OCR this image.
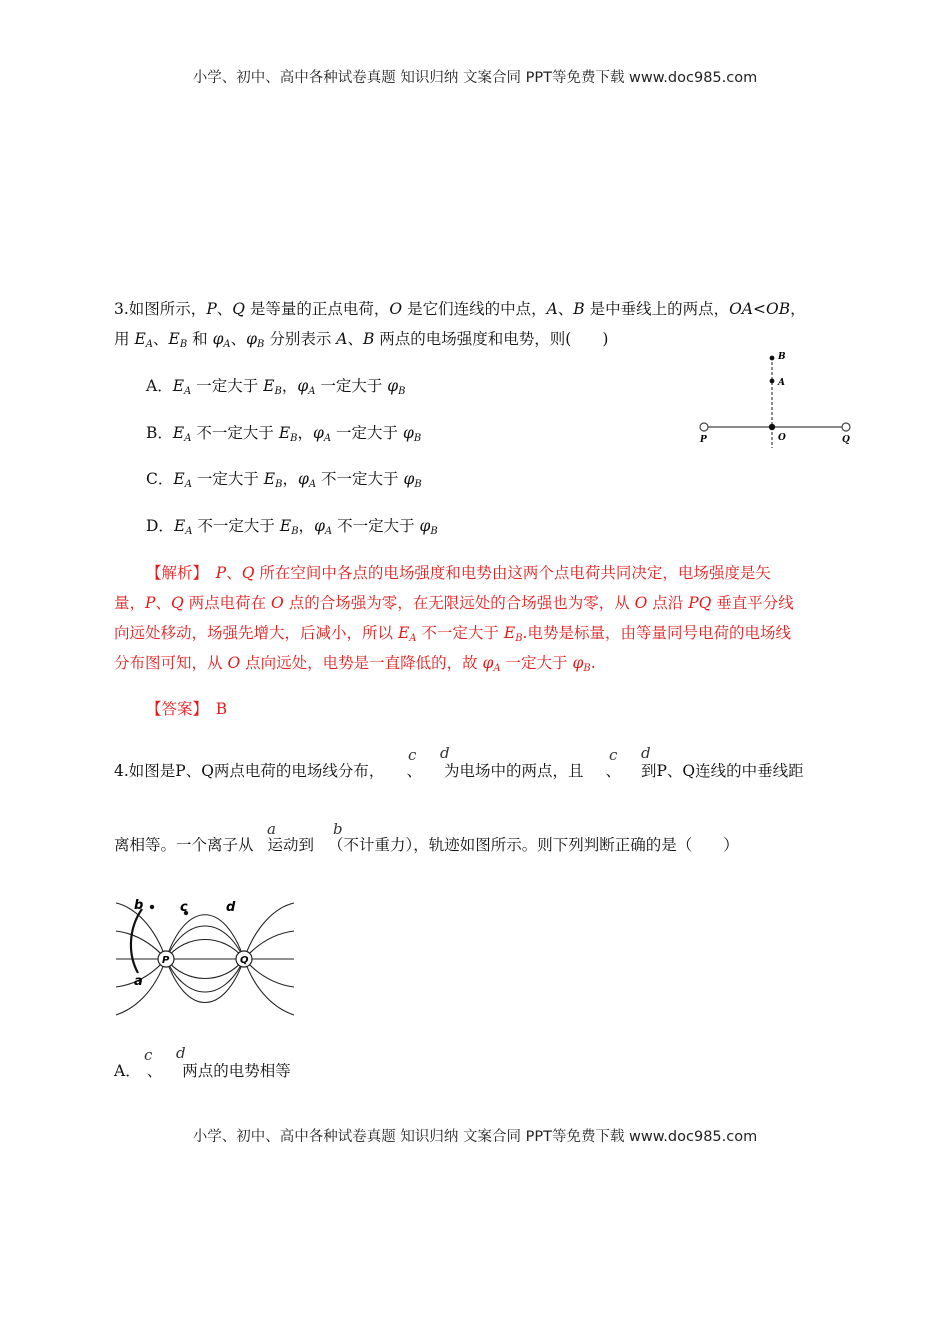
小学、初中、高中各种试卷真题 知识归纳 文案合同 PPT等免费下载 www.doc985.com
3.如图所示，P、Q 是等量的正点电荷，O 是它们连线的中点，A、B 是中垂线上的两点，OA<OB，
用 $E_A$、$E_B$ 和 $\varphi_A$、$\varphi_B$ 分别表示 A、B 两点的电场强度和电势，则(　　)
A．$E_A$ 一定大于 $E_B$，$\varphi_A$ 一定大于 $\varphi_B$
B．$E_A$ 不一定大于 $E_B$，$\varphi_A$ 一定大于 $\varphi_B$
C．$E_A$ 一定大于 $E_B$，$\varphi_A$ 不一定大于 $\varphi_B$
D．$E_A$ 不一定大于 $E_B$，$\varphi_A$ 不一定大于 $\varphi_B$
B
A
P	O	Q
【解析】　 P、Q 所在空间中各点的电场强度和电势由这两个点电荷共同决定，电场强度是矢
量，P、Q 两点电荷在 O 点的合场强为零，在无限远处的合场强也为零，从 O 点沿 PQ 垂直平分线
向远处移动，场强先增大，后减小，所以 $E_A$ 不一定大于 $E_B$.电势是标量，由等量同号电荷的电场线
分布图可知，从 O 点向远处，电势是一直降低的，故 $\varphi_A$ 一定大于 $\varphi_B$.
【答案】　 B
c d	c d
4.如图是P、Q两点电荷的电场线分布， 、 为电场中的两点，且 、 到P、Q连线的中垂线距
a	b
离相等。一个离子从 运动到 （不计重力），轨迹如图所示。则下列判断正确的是（　　）
P	Q
b	c	d
a
c d
A． 、 两点的电势相等
小学、初中、高中各种试卷真题 知识归纳 文案合同 PPT等免费下载 www.doc985.com
